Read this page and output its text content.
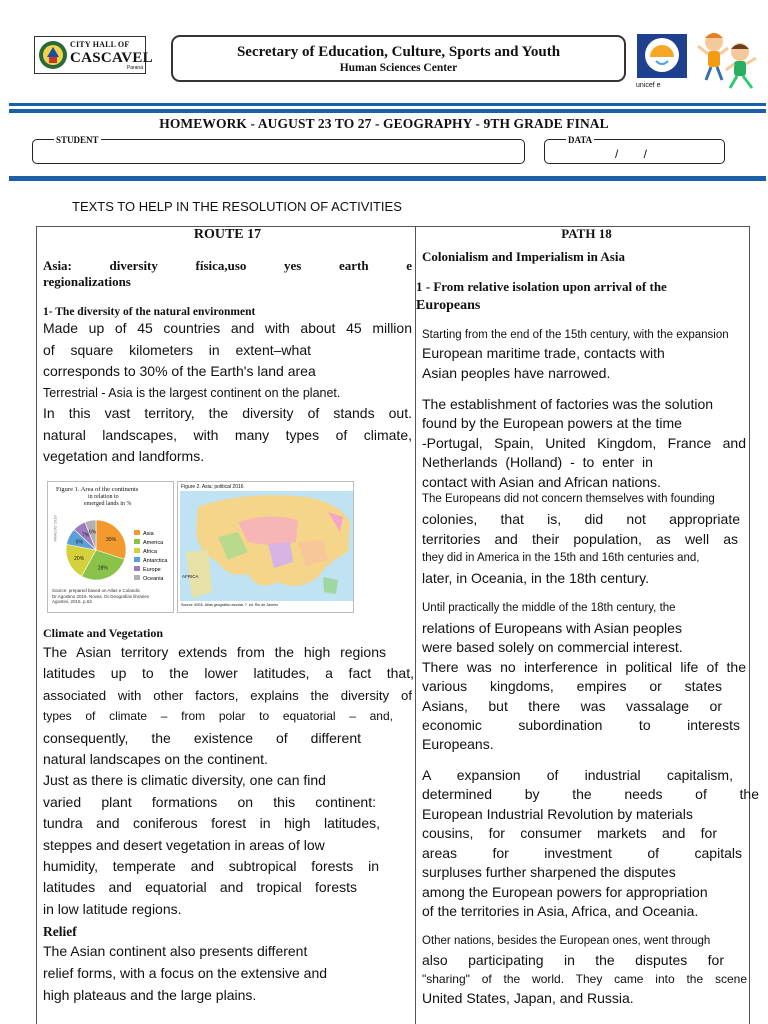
CITY HALL OF
CASCAVEL
Paraná
Secretary of Education, Culture, Sports and Youth
Human Sciences Center
unicef e
HOMEWORK - AUGUST 23 TO 27 - GEOGRAPHY - 9TH GRADE FINAL
STUDENT	DATA
/ /
TEXTS TO HELP IN THE RESOLUTION OF ACTIVITIES
ROUTE 17
Asia:	diversity	física,uso	yes	earth	e
regionalizations
1- The diversity of the natural environment
Made up of 45 countries and with about 45 million
of square kilometers in extent–what
corresponds to 30% of the Earth's land area
Terrestrial - Asia is the largest continent on the planet.
In this vast territory, the diversity of stands out.
natural landscapes, with many types of climate,
vegetation and landforms.
Figure 1. Area of the continents
in relation to
emerged lands in %
ARAÚJO 2019	30%
28%
20%
9%
7% 6%	Asia
America
Africa
Antarctica
Europe
Oceania
Source: prepared based on Atlas e Colandic
Dr.Agostino 2016. Novas. Dr.Geografias libraries
Agostini, 2016. p.63.
Figure 2. Asia: political 2016
AFRICA
Source: IBGE. Atlas geográfico escolar. 7. ed. Rio de Janeiro
Climate and Vegetation
The Asian territory extends from the high regions
latitudes up to the lower latitudes, a fact that,
associated with other factors, explains the diversity of
types of climate – from polar to equatorial – and,
consequently, the existence of different
natural landscapes on the continent.
Just as there is climatic diversity, one can find
varied plant formations on this continent:
tundra and coniferous forest in high latitudes,
steppes and desert vegetation in areas of low
humidity, temperate and subtropical forests in
latitudes and equatorial and tropical forests
in low latitude regions.
Relief
The Asian continent also presents different
relief forms, with a focus on the extensive and
high plateaus and the large plains.
PATH 18
Colonialism and Imperialism in Asia
1 - From relative isolation upon arrival of the
Europeans
Starting from the end of the 15th century, with the expansion
European maritime trade, contacts with
Asian peoples have narrowed.
The establishment of factories was the solution
found by the European powers at the time
-Portugal, Spain, United Kingdom, France and
Netherlands (Holland) - to enter in
contact with Asian and African nations.
The Europeans did not concern themselves with founding
colonies, that is, did not appropriate
territories and their population, as well as
they did in America in the 15th and 16th centuries and,
later, in Oceania, in the 18th century.
Until practically the middle of the 18th century, the
relations of Europeans with Asian peoples
were based solely on commercial interest.
There was no interference in political life of the
various kingdoms, empires or states
Asians, but there was vassalage or
economic subordination to interests
Europeans.
A expansion of industrial capitalism,
determined by the needs of the
European Industrial Revolution by materials
cousins, for consumer markets and for
areas for investment of capitals
surpluses further sharpened the disputes
among the European powers for appropriation
of the territories in Asia, Africa, and Oceania.
Other nations, besides the European ones, went through
also participating in the disputes for
"sharing" of the world. They came into the scene
United States, Japan, and Russia.
